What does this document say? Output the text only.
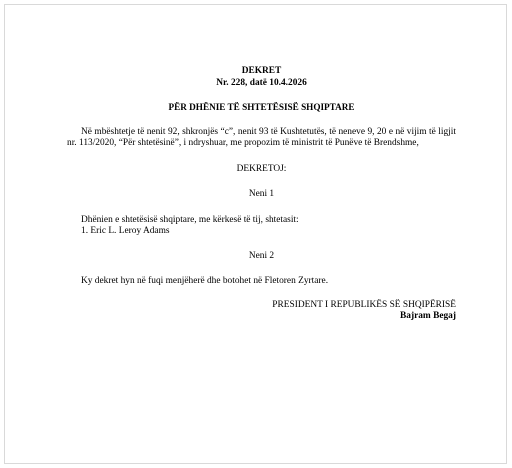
DEKRET
Nr. 228, datë 10.4.2026
PËR DHËNIE TË SHTETËSISË SHQIPTARE
Në mbështetje të nenit 92, shkronjës “c”, nenit 93 të Kushtetutës, të neneve 9, 20 e në vijim të ligjit nr. 113/2020, “Për shtetësinë”, i ndryshuar, me propozim të ministrit të Punëve të Brendshme,
DEKRETOJ:
Neni 1
Dhënien e shtetësisë shqiptare, me kërkesë të tij, shtetasit:
1. Eric L. Leroy Adams
Neni 2
Ky dekret hyn në fuqi menjëherë dhe botohet në Fletoren Zyrtare.
PRESIDENT I REPUBLIKËS SË SHQIPËRISË
Bajram Begaj
